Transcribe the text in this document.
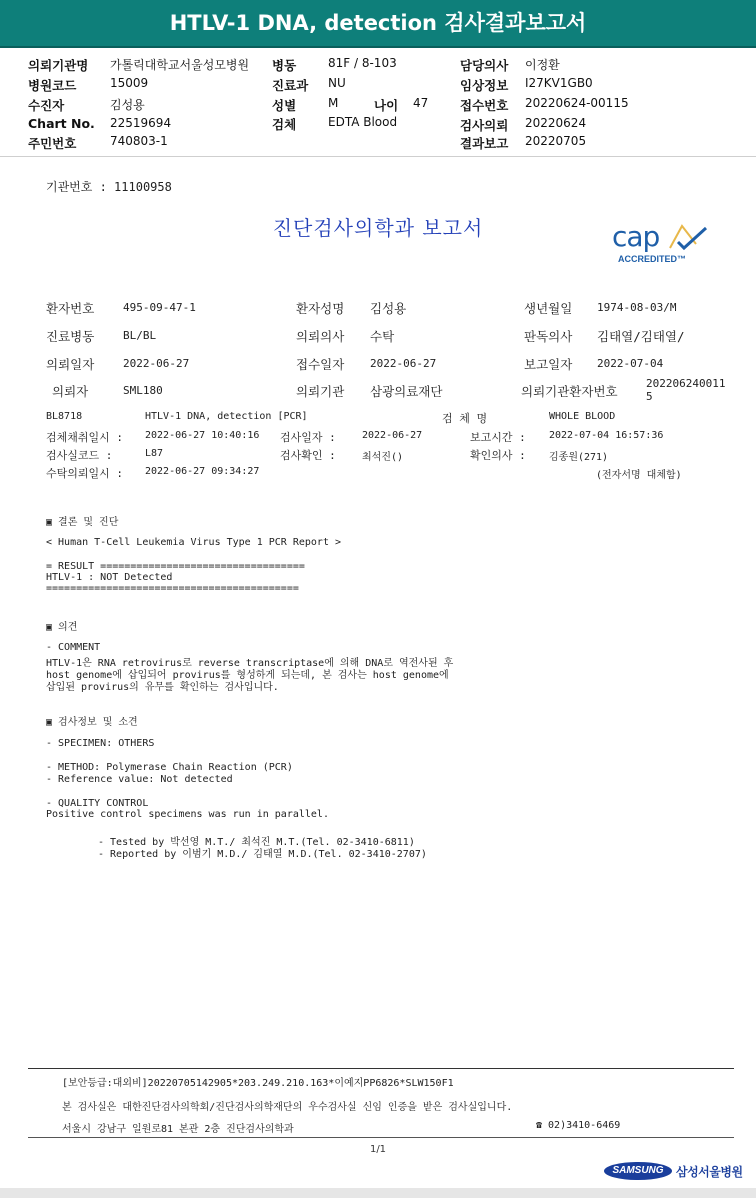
HTLV-1 DNA, detection 검사결과보고서
의뢰기관명 가톨릭대학교서울성모병원
병원코드	15009
수진자	김성용
Chart No. 22519694
주민번호	740803-1
병동	81F / 8-103
진료과 NU
성별	M	나이 47
검체	EDTA Blood
담당의사 이정환
임상정보 I27KV1GB0
접수번호 20220624-00115
검사의뢰 20220624
결과보고 20220705
기관번호 : 11100958
진단검사의학과 보고서	cap
ACCREDITED™
환자번호	495-09-47-1	환자성명 김성용	생년월일 1974-08-03/M
진료병동	BL/BL	의뢰의사 수탁	판독의사 김태열/김태열/
의뢰일자	2022-06-27	접수일자 2022-06-27	보고일자 2022-07-04
의뢰자	SML180	의뢰기관 삼광의료재단	의뢰기관환자번호
202206240011
5
BL8718	HTLV-1 DNA, detection [PCR]	검 체 명	WHOLE BLOOD
검체채취일시 : 2022-06-27 10:40:16 검사일자 :	2022-06-27	보고시간 : 2022-07-04 16:57:36
검사실코드 :	L87	검사확인 :	최석진()	확인의사 : 김종원(271)
수탁의뢰일시 : 2022-06-27 09:34:27	(전자서명 대체함)
▣ 결론 및 진단
< Human T-Cell Leukemia Virus Type 1 PCR Report >
= RESULT ==================================
HTLV-1 : NOT Detected
==========================================
▣ 의견
- COMMENT
HTLV-1은 RNA retrovirus로 reverse transcriptase에 의해 DNA로 역전사된 후
host genome에 삽입되어 provirus를 형성하게 되는데, 본 검사는 host genome에
삽입된 provirus의 유무를 확인하는 검사입니다.
▣ 검사정보 및 소견
- SPECIMEN: OTHERS
- METHOD: Polymerase Chain Reaction (PCR)
- Reference value: Not detected
- QUALITY CONTROL
Positive control specimens was run in parallel.
- Tested by 박선영 M.T./ 최석진 M.T.(Tel. 02-3410-6811)
- Reported by 이범기 M.D./ 김태열 M.D.(Tel. 02-3410-2707)
[보안등급:대외비]20220705142905*203.249.210.163*이예지PP6826*SLW150F1
본 검사실은 대한진단검사의학회/진단검사의학재단의 우수검사실 신임 인증을 받은 검사실입니다.
서울시 강남구 일원로81 본관 2층 진단검사의학과	☎ 02)3410-6469
1/1
SAMSUNG	삼성서울병원
